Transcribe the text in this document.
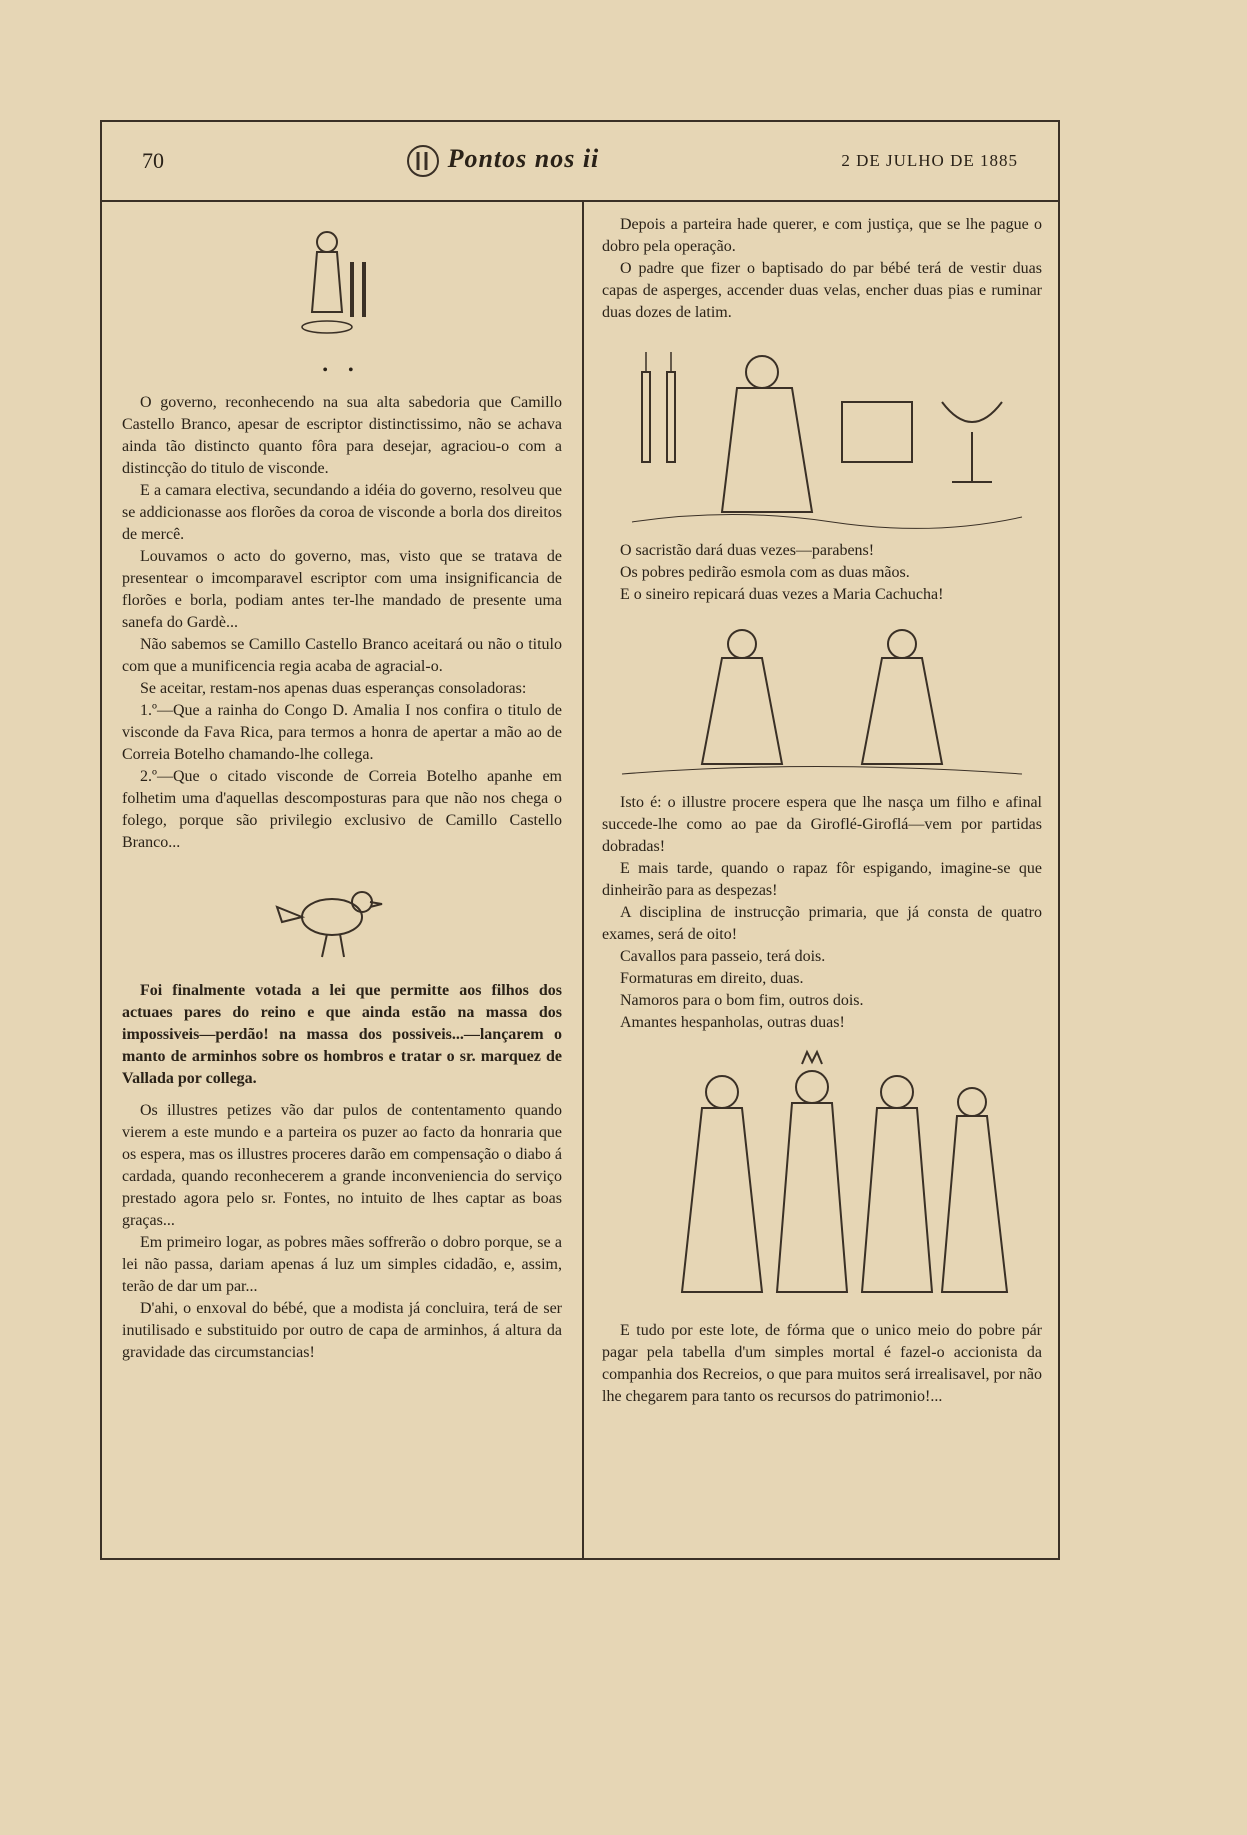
70	Pontos nos ii	2 DE JULHO DE 1885
• •

O governo, reconhecendo na sua alta sabedoria que Camillo Castello Branco, apesar de escriptor distinctissimo, não se achava ainda tão distincto quanto fôra para desejar, agraciou-o com a distincção do titulo de visconde.

E a camara electiva, secundando a idéia do governo, resolveu que se addicionasse aos florões da coroa de visconde a borla dos direitos de mercê.

Louvamos o acto do governo, mas, visto que se tratava de presentear o imcomparavel escriptor com uma insignificancia de florões e borla, podiam antes ter-lhe mandado de presente uma sanefa do Gardè...

Não sabemos se Camillo Castello Branco aceitará ou não o titulo com que a munificencia regia acaba de agracial-o.

Se aceitar, restam-nos apenas duas esperanças consoladoras:

1.º—Que a rainha do Congo D. Amalia I nos confira o titulo de visconde da Fava Rica, para termos a honra de apertar a mão ao de Correia Botelho chamando-lhe collega.

2.º—Que o citado visconde de Correia Botelho apanhe em folhetim uma d'aquellas descomposturas para que não nos chega o folego, porque são privilegio exclusivo de Camillo Castello Branco...

Foi finalmente votada a lei que permitte aos filhos dos actuaes pares do reino e que ainda estão na massa dos impossiveis—perdão! na massa dos possiveis...—lançarem o manto de arminhos sobre os hombros e tratar o sr. marquez de Vallada por collega.

Os illustres petizes vão dar pulos de contentamento quando vierem a este mundo e a parteira os puzer ao facto da honraria que os espera, mas os illustres proceres darão em compensação o diabo á cardada, quando reconhecerem a grande inconveniencia do serviço prestado agora pelo sr. Fontes, no intuito de lhes captar as boas graças...

Em primeiro logar, as pobres mães soffrerão o dobro porque, se a lei não passa, dariam apenas á luz um simples cidadão, e, assim, terão de dar um par...

D'ahi, o enxoval do bébé, que a modista já concluira, terá de ser inutilisado e substituido por outro de capa de arminhos, á altura da gravidade das circumstancias!

Depois a parteira hade querer, e com justiça, que se lhe pague o dobro pela operação.

O padre que fizer o baptisado do par bébé terá de vestir duas capas de asperges, accender duas velas, encher duas pias e ruminar duas dozes de latim.

O sacristão dará duas vezes—parabens!

Os pobres pedirão esmola com as duas mãos.

E o sineiro repicará duas vezes a Maria Cachucha!

Isto é: o illustre procere espera que lhe nasça um filho e afinal succede-lhe como ao pae da Giroflé-Giroflá—vem por partidas dobradas!

E mais tarde, quando o rapaz fôr espigando, imagine-se que dinheirão para as despezas!

A disciplina de instrucção primaria, que já consta de quatro exames, será de oito!

Cavallos para passeio, terá dois.

Formaturas em direito, duas.

Namoros para o bom fim, outros dois.

Amantes hespanholas, outras duas!

E tudo por este lote, de fórma que o unico meio do pobre pár pagar pela tabella d'um simples mortal é fazel-o accionista da companhia dos Recreios, o que para muitos será irrealisavel, por não lhe chegarem para tanto os recursos do patrimonio!...
